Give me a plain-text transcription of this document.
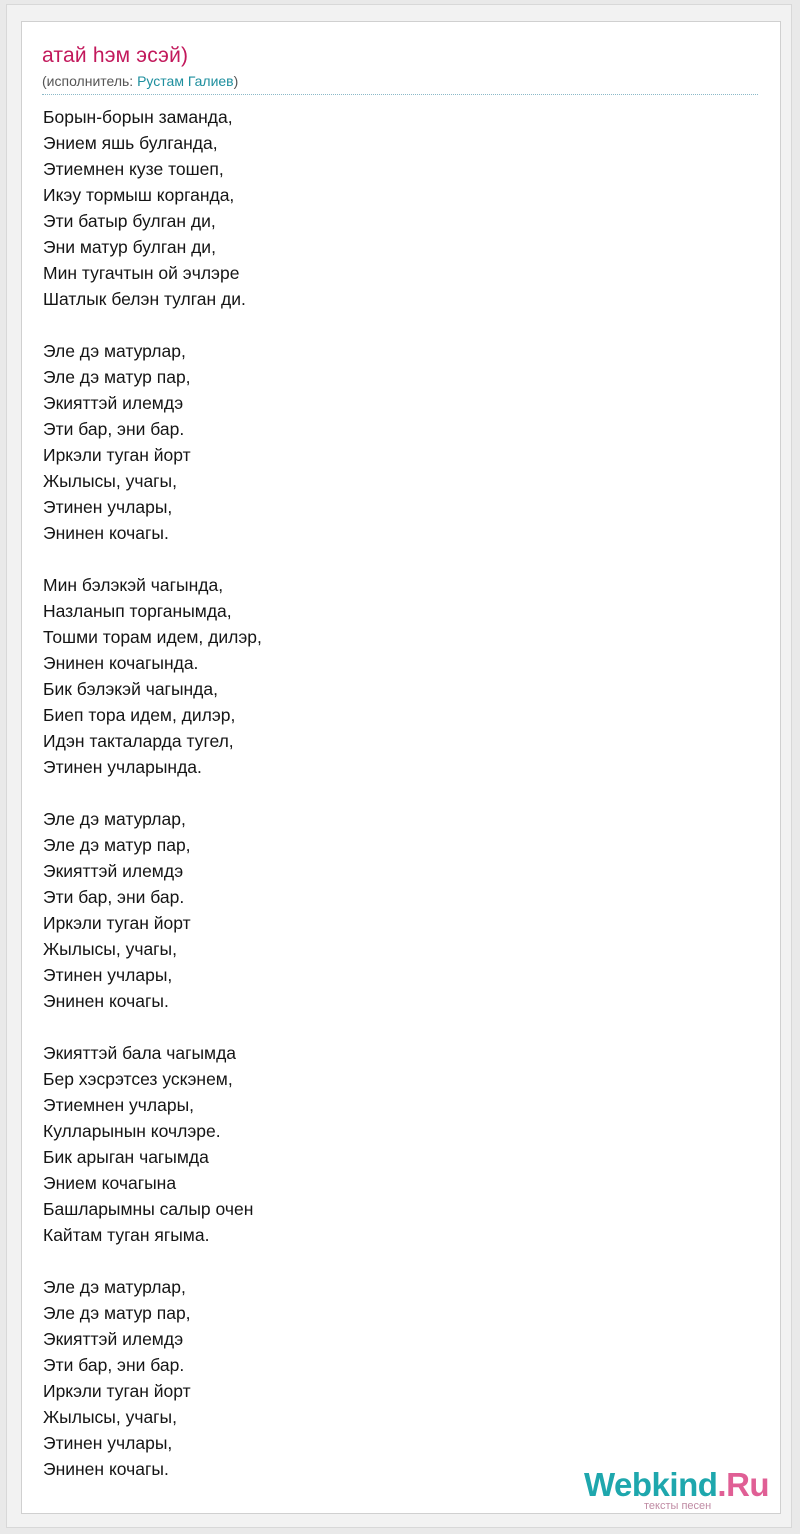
атай һэм эсэй)
(исполнитель: Рустам Галиев)
Борын-борын заманда,
Энием яшь булганда,
Этиемнен кузе тошеп,
Икэу тормыш корганда,
Эти батыр булган ди,
Эни матур булган ди,
Мин тугачтын ой эчлэре
Шатлык белэн тулган ди.
Эле дэ матурлар,
Эле дэ матур пар,
Экияттэй илемдэ
Эти бар, эни бар.
Иркэли туган йорт
Жылысы, учагы,
Этинен учлары,
Энинен кочагы.
Мин бэлэкэй чагында,
Назланып торганымда,
Тошми торам идем, дилэр,
Энинен кочагында.
Бик бэлэкэй чагында,
Биеп тора идем, дилэр,
Идэн такталарда тугел,
Этинен учларында.
Эле дэ матурлар,
Эле дэ матур пар,
Экияттэй илемдэ
Эти бар, эни бар.
Иркэли туган йорт
Жылысы, учагы,
Этинен учлары,
Энинен кочагы.
Экияттэй бала чагымда
Бер хэсрэтсез ускэнем,
Этиемнен учлары,
Кулларынын кочлэре.
Бик арыган чагымда
Энием кочагына
Башларымны салыр очен
Кайтам туган ягыма.
Эле дэ матурлар,
Эле дэ матур пар,
Экияттэй илемдэ
Эти бар, эни бар.
Иркэли туган йорт
Жылысы, учагы,
Этинен учлары,
Энинен кочагы.	Webkind.Ru
тексты песен
